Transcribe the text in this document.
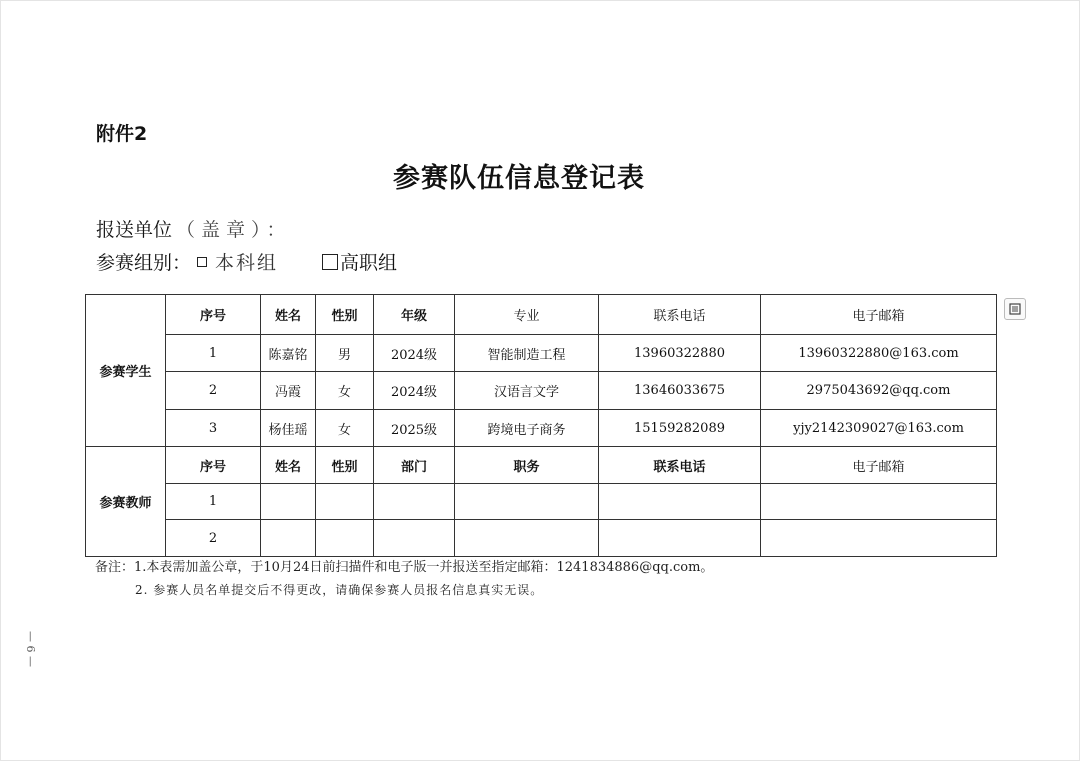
附件2
参赛队伍信息登记表
报送单位 （盖章）：
参赛组别： 本科组	高职组
参赛学生	序号	姓名	性别	年级	专业	联系电话	电子邮箱
	1	陈嘉铭	男	2024级	智能制造工程	13960322880	13960322880@163.com
	2	冯霞	女	2024级	汉语言文学	13646033675	2975043692@qq.com
	3	杨佳瑶	女	2025级	跨境电子商务	15159282089	yjy2142309027@163.com
参赛教师	序号	姓名	性别	部门	职务	联系电话	电子邮箱
	1						
	2						
备注：1.本表需加盖公章，于10月24日前扫描件和电子版一并报送至指定邮箱：1241834886@qq.com。
2. 参赛人员名单提交后不得更改，请确保参赛人员报名信息真实无误。
— 6 —
